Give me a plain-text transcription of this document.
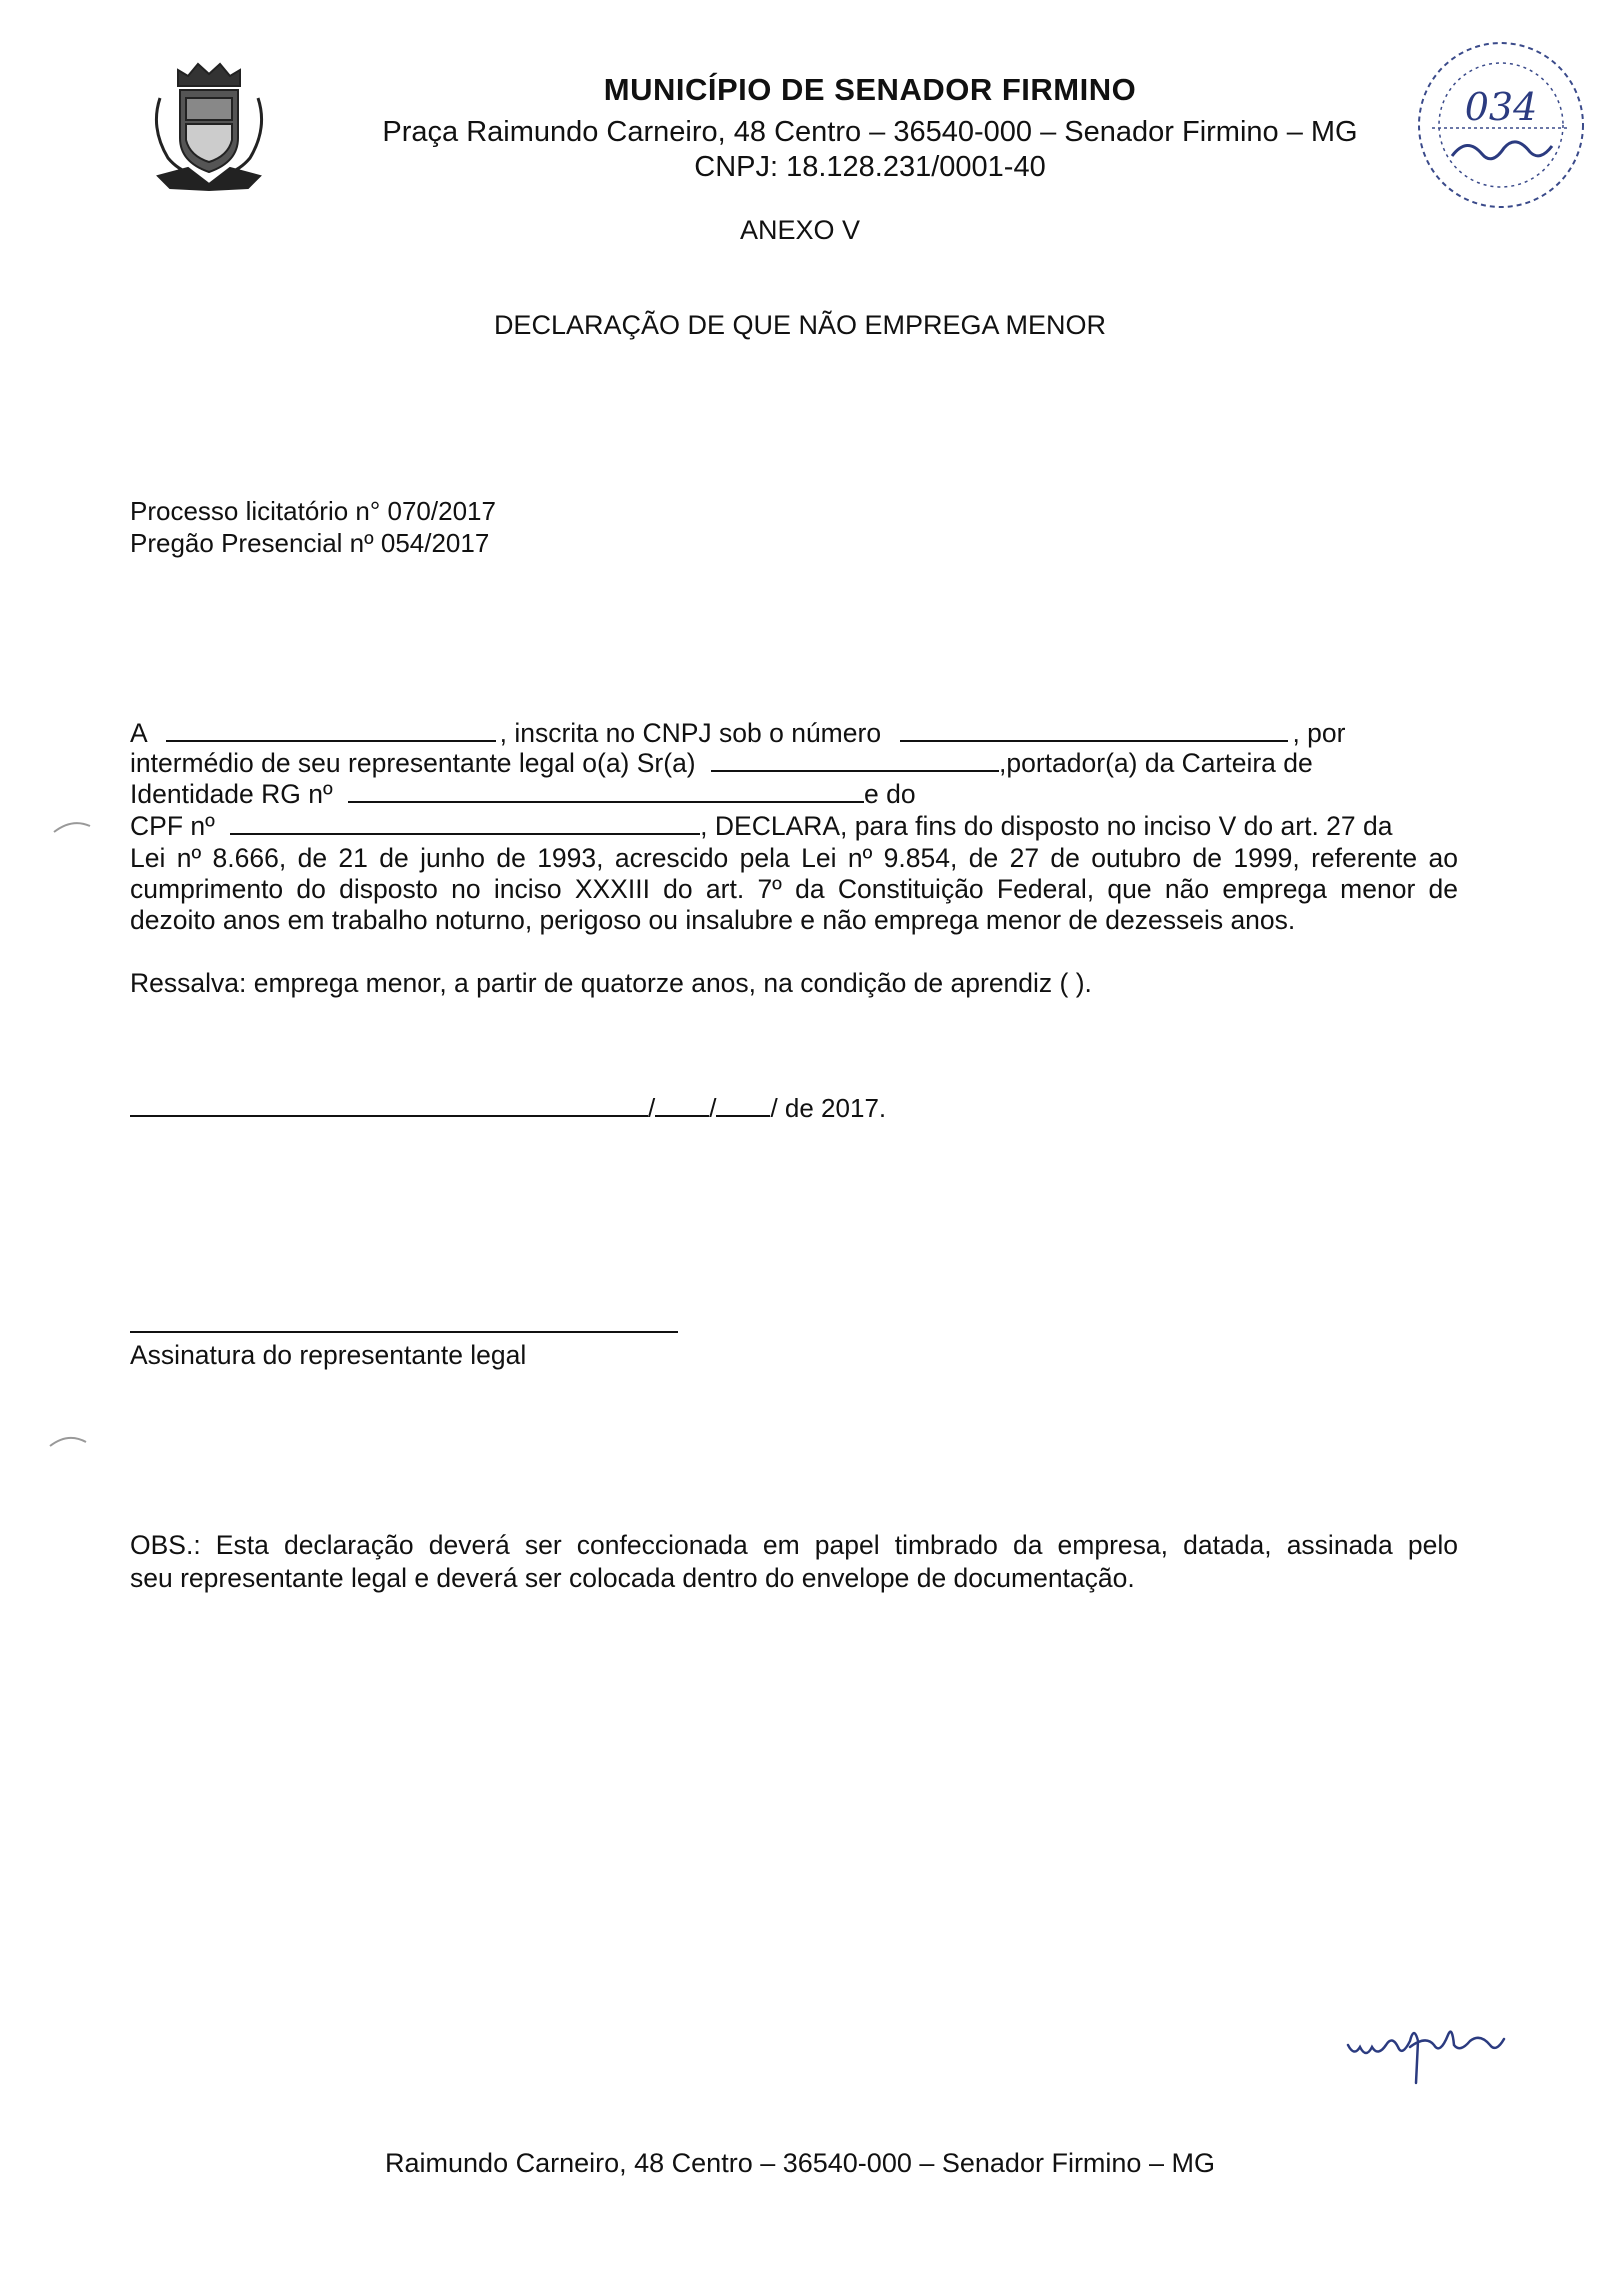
MUNICÍPIO DE SENADOR FIRMINO

Praça Raimundo Carneiro, 48 Centro – 36540-000 – Senador Firmino – MG

CNPJ: 18.128.231/0001-40

034

ANEXO V

DECLARAÇÃO DE QUE NÃO EMPREGA MENOR

Processo licitatório n° 070/2017

Pregão Presencial nº 054/2017

A	, inscrita no CNPJ sob o número	, por

intermédio de seu representante legal o(a) Sr(a)	,portador(a) da Carteira de

Identidade RG nº	e do

CPF nº	, DECLARA, para fins do disposto no inciso V do art. 27 da

Lei nº 8.666, de 21 de junho de 1993, acrescido pela Lei nº 9.854, de 27 de outubro de 1999, referente ao

cumprimento do disposto no inciso XXXIII do art. 7º da Constituição Federal, que não emprega menor de

dezoito anos em trabalho noturno, perigoso ou insalubre e não emprega menor de dezesseis anos.

Ressalva: emprega menor, a partir de quatorze anos, na condição de aprendiz ( ).

/ / / de 2017.

Assinatura do representante legal

OBS.: Esta declaração deverá ser confeccionada em papel timbrado da empresa, datada, assinada pelo

seu representante legal e deverá ser colocada dentro do envelope de documentação.

Raimundo Carneiro, 48 Centro – 36540-000 – Senador Firmino – MG
